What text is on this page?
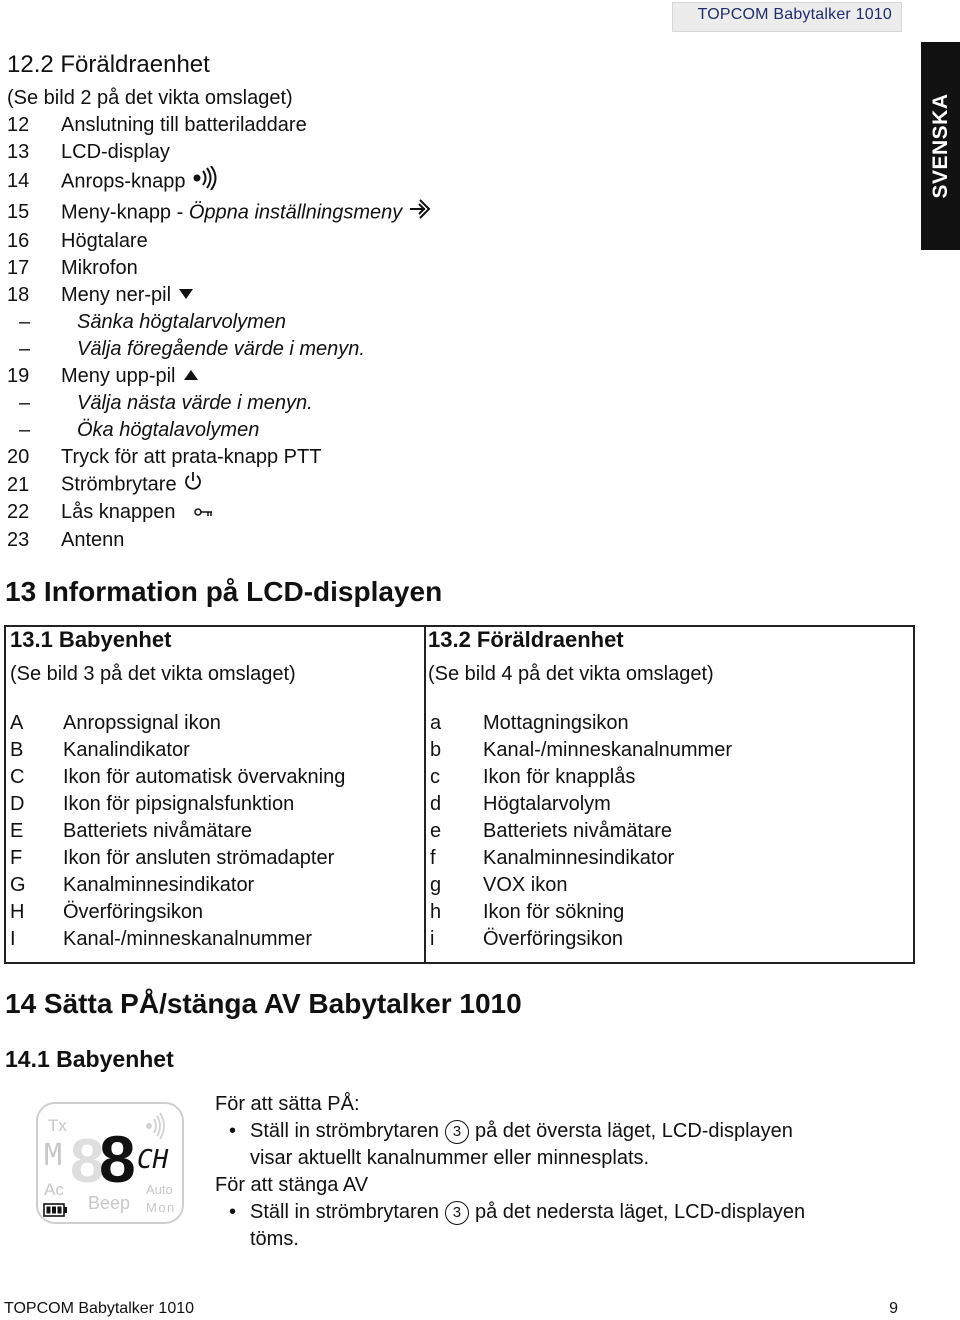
TOPCOM Babytalker 1010
SVENSKA
12.2 Föräldraenhet
(Se bild 2 på det vikta omslaget)
12 Anslutning till batteriladdare
13 LCD-display
14 Anrops-knapp
15 Meny-knapp - Öppna inställningsmeny
16 Högtalare
17 Mikrofon
18 Meny ner-pil
– Sänka högtalarvolymen
– Välja föregående värde i menyn.
19 Meny upp-pil
– Välja nästa värde i menyn.
– Öka högtalavolymen
20 Tryck för att prata-knapp PTT
21 Strömbrytare
22 Lås knappen
23 Antenn
13 Information på LCD-displayen
13.1 Babyenhet
(Se bild 3 på det vikta omslaget)
A Anropssignal ikon
B Kanalindikator
C Ikon för automatisk övervakning
D Ikon för pipsignalsfunktion
E Batteriets nivåmätare
F Ikon för ansluten strömadapter
G Kanalminnesindikator
H Överföringsikon
I Kanal-/minneskanalnummer

13.2 Föräldraenhet
(Se bild 4 på det vikta omslaget)
a Mottagningsikon
b Kanal-/minneskanalnummer
c Ikon för knapplås
d Högtalarvolym
e Batteriets nivåmätare
f Kanalminnesindikator
g VOX ikon
h Ikon för sökning
i Överföringsikon
14 Sätta PÅ/stänga AV Babytalker 1010
14.1 Babyenhet
Tx
M 8
8 CH
Ac
Beep
Auto
Mon
För att sätta PÅ:
• Ställ in strömbrytaren 3 på det översta läget, LCD-displayen
visar aktuellt kanalnummer eller minnesplats.
För att stänga AV
• Ställ in strömbrytaren 3 på det nedersta läget, LCD-displayen
töms.
TOPCOM Babytalker 1010	9
